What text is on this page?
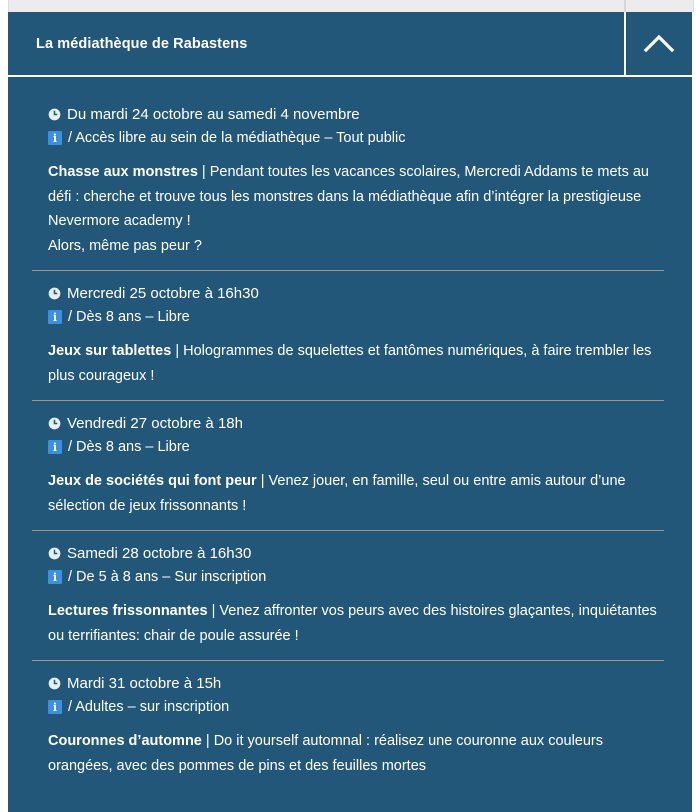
La médiathèque de Rabastens
Du mardi 24 octobre au samedi 4 novembre
i / Accès libre au sein de la médiathèque – Tout public
Chasse aux monstres | Pendant toutes les vacances scolaires, Mercredi Addams te mets au défi : cherche et trouve tous les monstres dans la médiathèque afin d’intégrer la prestigieuse Nevermore academy !
Alors, même pas peur ?
Mercredi 25 octobre à 16h30
i / Dès 8 ans – Libre
Jeux sur tablettes | Hologrammes de squelettes et fantômes numériques, à faire trembler les plus courageux !
Vendredi 27 octobre à 18h
i / Dès 8 ans – Libre
Jeux de sociétés qui font peur | Venez jouer, en famille, seul ou entre amis autour d’une sélection de jeux frissonnants !
Samedi 28 octobre à 16h30
i / De 5 à 8 ans – Sur inscription
Lectures frissonnantes | Venez affronter vos peurs avec des histoires glaçantes, inquiétantes ou terrifiantes: chair de poule assurée !
Mardi 31 octobre à 15h
i / Adultes – sur inscription
Couronnes d’automne | Do it yourself automnal : réalisez une couronne aux couleurs orangées, avec des pommes de pins et des feuilles mortes
